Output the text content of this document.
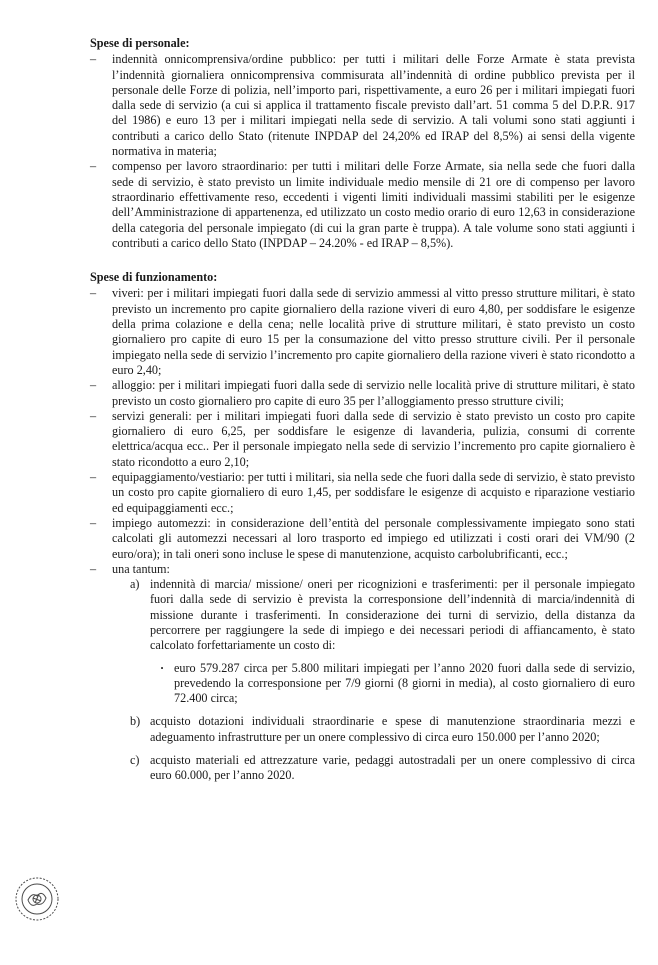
Spese di personale:
– indennità onnicomprensiva/ordine pubblico: per tutti i militari delle Forze Armate è stata prevista l’indennità giornaliera onnicomprensiva commisurata all’indennità di ordine pubblico prevista per il personale delle Forze di polizia, nell’importo pari, rispettivamente, a euro 26 per i militari impiegati fuori dalla sede di servizio (a cui si applica il trattamento fiscale previsto dall’art. 51 comma 5 del D.P.R. 917 del 1986) e euro 13 per i militari impiegati nella sede di servizio. A tali volumi sono stati aggiunti i contributi a carico dello Stato (ritenute INPDAP del 24,20% ed IRAP del 8,5%) ai sensi della vigente normativa in materia;
– compenso per lavoro straordinario: per tutti i militari delle Forze Armate, sia nella sede che fuori dalla sede di servizio, è stato previsto un limite individuale medio mensile di 21 ore di compenso per lavoro straordinario effettivamente reso, eccedenti i vigenti limiti individuali massimi stabiliti per le esigenze dell’Amministrazione di appartenenza, ed utilizzato un costo medio orario di euro 12,63 in considerazione della categoria del personale impiegato (di cui la gran parte è truppa). A tale volume sono stati aggiunti i contributi a carico dello Stato (INPDAP – 24.20% - ed IRAP – 8,5%).
Spese di funzionamento:
– viveri: per i militari impiegati fuori dalla sede di servizio ammessi al vitto presso strutture militari, è stato previsto un incremento pro capite giornaliero della razione viveri di euro 4,80, per soddisfare le esigenze della prima colazione e della cena; nelle località prive di strutture militari, è stato previsto un costo giornaliero pro capite di euro 15 per la consumazione del vitto presso strutture civili. Per il personale impiegato nella sede di servizio l’incremento pro capite giornaliero della razione viveri è stato ricondotto a euro 2,40;
– alloggio: per i militari impiegati fuori dalla sede di servizio nelle località prive di strutture militari, è stato previsto un costo giornaliero pro capite di euro 35 per l’alloggiamento presso strutture civili;
– servizi generali: per i militari impiegati fuori dalla sede di servizio è stato previsto un costo pro capite giornaliero di euro 6,25, per soddisfare le esigenze di lavanderia, pulizia, consumi di corrente elettrica/acqua ecc.. Per il personale impiegato nella sede di servizio l’incremento pro capite giornaliero è stato ricondotto a euro 2,10;
– equipaggiamento/vestiario: per tutti i militari, sia nella sede che fuori dalla sede di servizio, è stato previsto un costo pro capite giornaliero di euro 1,45, per soddisfare le esigenze di acquisto e riparazione vestiario ed equipaggiamenti ecc.;
– impiego automezzi: in considerazione dell’entità del personale complessivamente impiegato sono stati calcolati gli automezzi necessari al loro trasporto ed impiego ed utilizzati i costi orari dei VM/90 (2 euro/ora); in tali oneri sono incluse le spese di manutenzione, acquisto carbolubrificanti, ecc.;
– una tantum:
a) indennità di marcia/ missione/ oneri per ricognizioni e trasferimenti: per il personale impiegato fuori dalla sede di servizio è prevista la corresponsione dell’indennità di marcia/indennità di missione durante i trasferimenti. In considerazione dei turni di servizio, della distanza da percorrere per raggiungere la sede di impiego e dei necessari periodi di affiancamento, è stato calcolato forfettariamente un costo di:
· euro 579.287 circa per 5.800 militari impiegati per l’anno 2020 fuori dalla sede di servizio, prevedendo la corresponsione per 7/9 giorni (8 giorni in media), al costo giornaliero di euro 72.400 circa;
b) acquisto dotazioni individuali straordinarie e spese di manutenzione straordinaria mezzi e adeguamento infrastrutture per un onere complessivo di circa euro 150.000 per l’anno 2020;
c) acquisto materiali ed attrezzature varie, pedaggi autostradali per un onere complessivo di circa euro 60.000, per l’anno 2020.
